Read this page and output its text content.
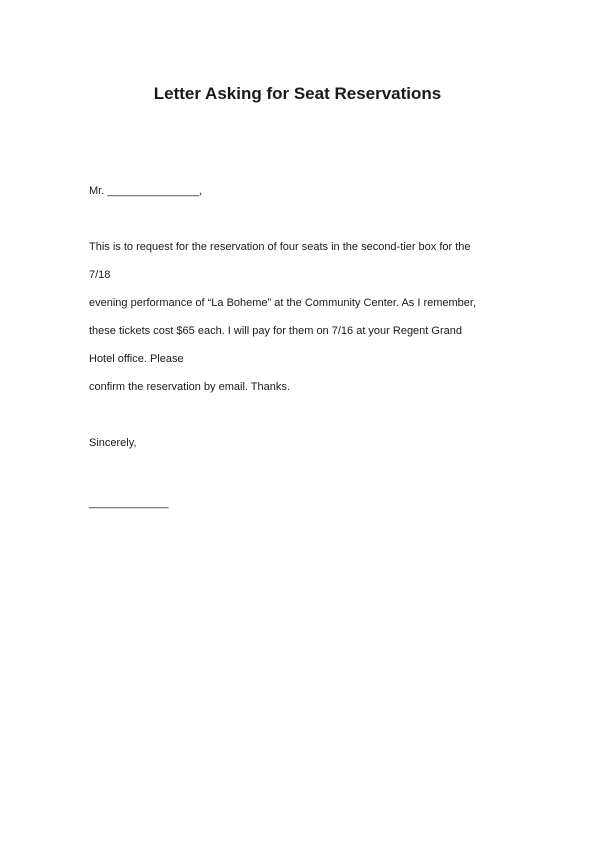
Letter Asking for Seat Reservations
Mr. _______________,
This is to request for the reservation of four seats in the second-tier box for the
7/18
evening performance of “La Boheme” at the Community Center. As I remember,
these tickets cost $65 each. I will pay for them on 7/16 at your Regent Grand
Hotel office. Please
confirm the reservation by email. Thanks.
Sincerely,
_____________
